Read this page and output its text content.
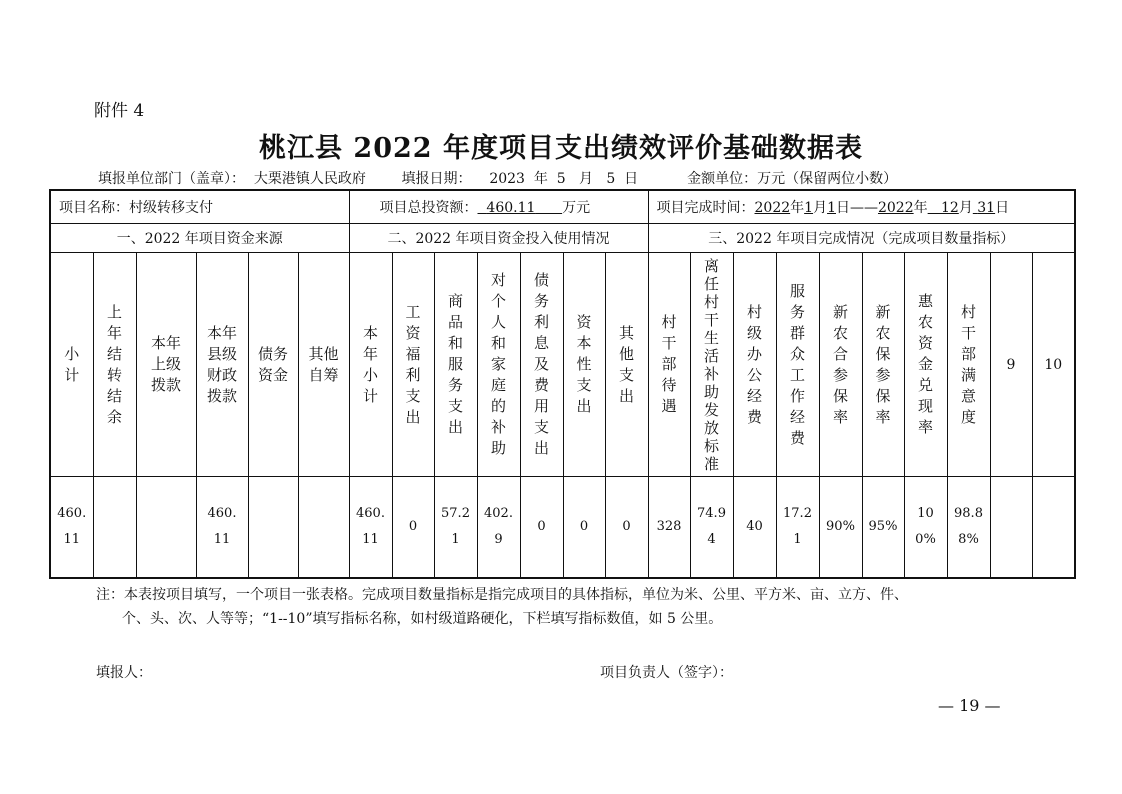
附件 4
桃江县 2022 年度项目支出绩效评价基础数据表
填报单位部门（盖章）： 大栗港镇人民政府	填报日期： 2023  年  5   月   5  日	金额单位：万元（保留两位小数）
项目名称：村级转移支付						项目总投资额： 460.11 万元							项目完成时间：2022年1月1日——2022年 12月 31日									
一、2022 年项目资金来源						二、2022 年项目资金投入使用情况							三、2022 年项目完成情况（完成项目数量指标）									
小计	上年结转结余	本年上级拨款	本年县级财政拨款	债务资金	其他自筹	本年小计	工资福利支出	商品和服务支出	对个人和家庭的补助	债务利息及费用支出	资本性支出	其他支出	村干部待遇	离任村干生活补助发放标准	村级办公经费	服务群众工作经费	新农合参保率	新农保参保率	惠农资金兑现率	村干部满意度	9	10
460.11			460.11			460.11	0	57.21	402.9	0	0	0	328	74.94	40	17.21	90%	95%	100%	98.88%		
注：本表按项目填写，一个项目一张表格。完成项目数量指标是指完成项目的具体指标，单位为米、公里、平方米、亩、立方、件、
个、头、次、人等等；“1--10”填写指标名称，如村级道路硬化，下栏填写指标数值，如 5 公里。
填报人：	项目负责人（签字）：
— 19 —
